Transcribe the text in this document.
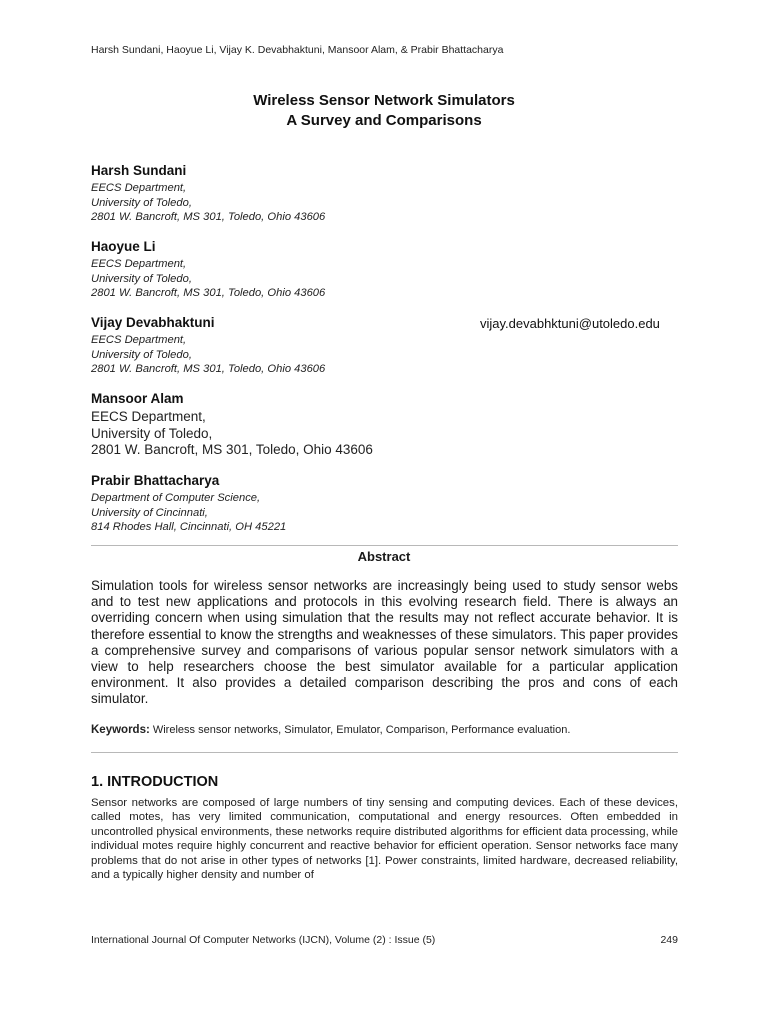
Harsh Sundani, Haoyue Li, Vijay K. Devabhaktuni, Mansoor Alam, & Prabir Bhattacharya
Wireless Sensor Network Simulators
A Survey and Comparisons
Harsh Sundani
EECS Department,
University of Toledo,
2801 W. Bancroft, MS 301, Toledo, Ohio 43606
Haoyue Li
EECS Department,
University of Toledo,
2801 W. Bancroft, MS 301, Toledo, Ohio 43606
Vijay Devabhaktuni
EECS Department,
University of Toledo,
2801 W. Bancroft, MS 301, Toledo, Ohio 43606
vijay.devabhktuni@utoledo.edu
Mansoor Alam
EECS Department,
University of Toledo,
2801 W. Bancroft, MS 301, Toledo, Ohio 43606
Prabir Bhattacharya
Department of Computer Science,
University of Cincinnati,
814 Rhodes Hall, Cincinnati, OH 45221
Abstract
Simulation tools for wireless sensor networks are increasingly being used to study sensor webs and to test new applications and protocols in this evolving research field. There is always an overriding concern when using simulation that the results may not reflect accurate behavior. It is therefore essential to know the strengths and weaknesses of these simulators. This paper provides a comprehensive survey and comparisons of various popular sensor network simulators with a view to help researchers choose the best simulator available for a particular application environment. It also provides a detailed comparison describing the pros and cons of each simulator.
Keywords: Wireless sensor networks, Simulator, Emulator, Comparison, Performance evaluation.
1. INTRODUCTION
Sensor networks are composed of large numbers of tiny sensing and computing devices. Each of these devices, called motes, has very limited communication, computational and energy resources. Often embedded in uncontrolled physical environments, these networks require distributed algorithms for efficient data processing, while individual motes require highly concurrent and reactive behavior for efficient operation. Sensor networks face many problems that do not arise in other types of networks [1]. Power constraints, limited hardware, decreased reliability, and a typically higher density and number of
International Journal Of Computer Networks (IJCN), Volume (2) : Issue (5)	249
